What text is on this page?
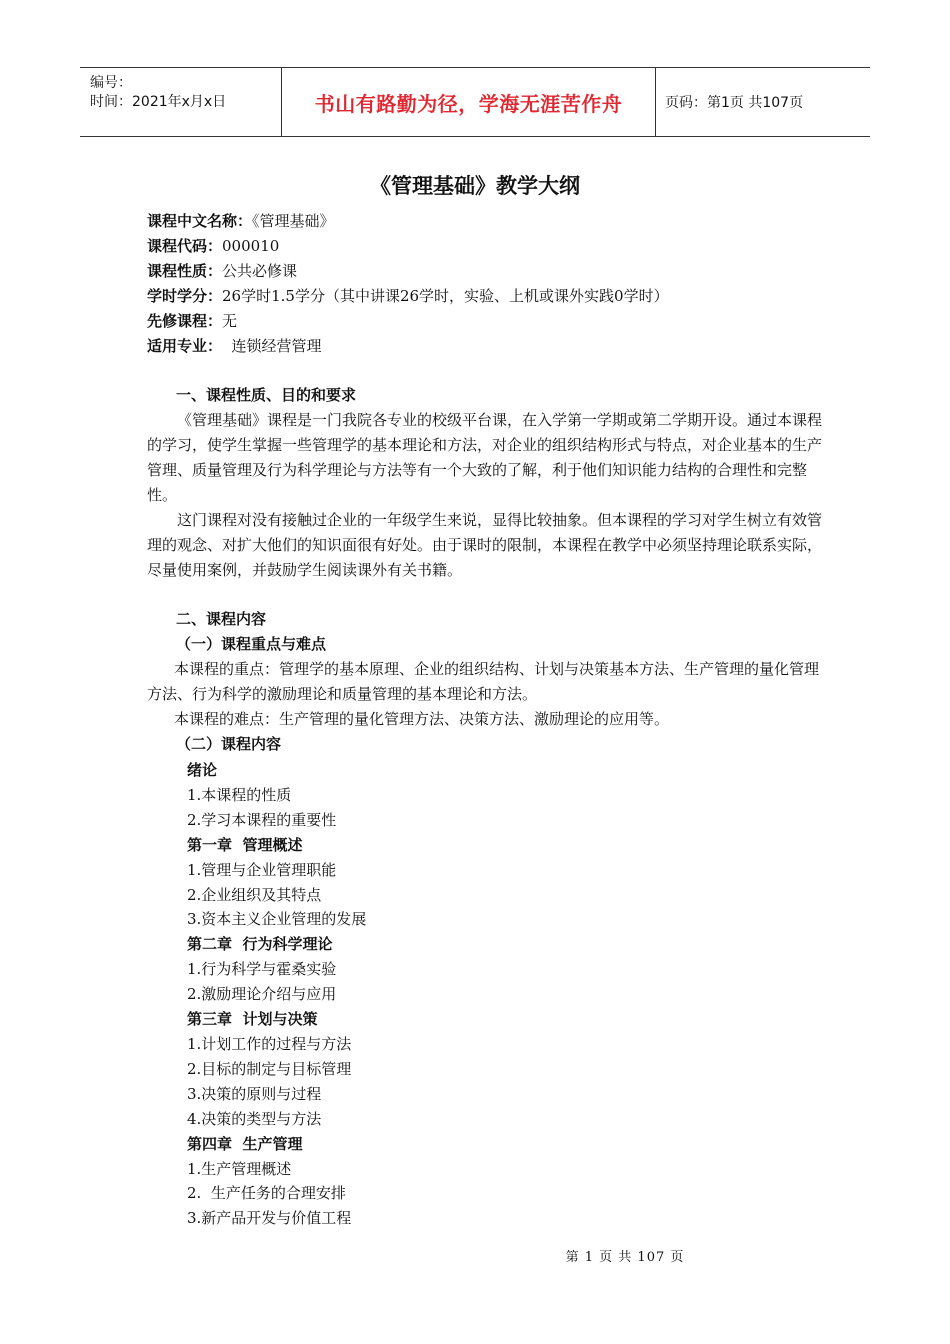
编号：
时间：2021年x月x日	书山有路勤为径，学海无涯苦作舟	页码：第1页 共107页
《管理基础》教学大纲
课程中文名称：《管理基础》
课程代码：000010
课程性质：公共必修课
学时学分：26学时1.5学分（其中讲课26学时，实验、上机或课外实践0学时）
先修课程：无
适用专业：  连锁经营管理
一、课程性质、目的和要求
《管理基础》课程是一门我院各专业的校级平台课，在入学第一学期或第二学期开设。通过本课程的学习，使学生掌握一些管理学的基本理论和方法，对企业的组织结构形式与特点，对企业基本的生产管理、质量管理及行为科学理论与方法等有一个大致的了解，利于他们知识能力结构的合理性和完整性。
这门课程对没有接触过企业的一年级学生来说，显得比较抽象。但本课程的学习对学生树立有效管理的观念、对扩大他们的知识面很有好处。由于课时的限制，本课程在教学中必须坚持理论联系实际，尽量使用案例，并鼓励学生阅读课外有关书籍。
二、课程内容
（一）课程重点与难点
本课程的重点：管理学的基本原理、企业的组织结构、计划与决策基本方法、生产管理的量化管理方法、行为科学的激励理论和质量管理的基本理论和方法。
本课程的难点：生产管理的量化管理方法、决策方法、激励理论的应用等。
（二）课程内容
绪论
1.本课程的性质
2.学习本课程的重要性
第一章  管理概述
1.管理与企业管理职能
2.企业组织及其特点
3.资本主义企业管理的发展
第二章  行为科学理论
1.行为科学与霍桑实验
2.激励理论介绍与应用
第三章  计划与决策
1.计划工作的过程与方法
2.目标的制定与目标管理
3.决策的原则与过程
4.决策的类型与方法
第四章  生产管理
1.生产管理概述
2.  生产任务的合理安排
3.新产品开发与价值工程
第 1 页 共 107 页
